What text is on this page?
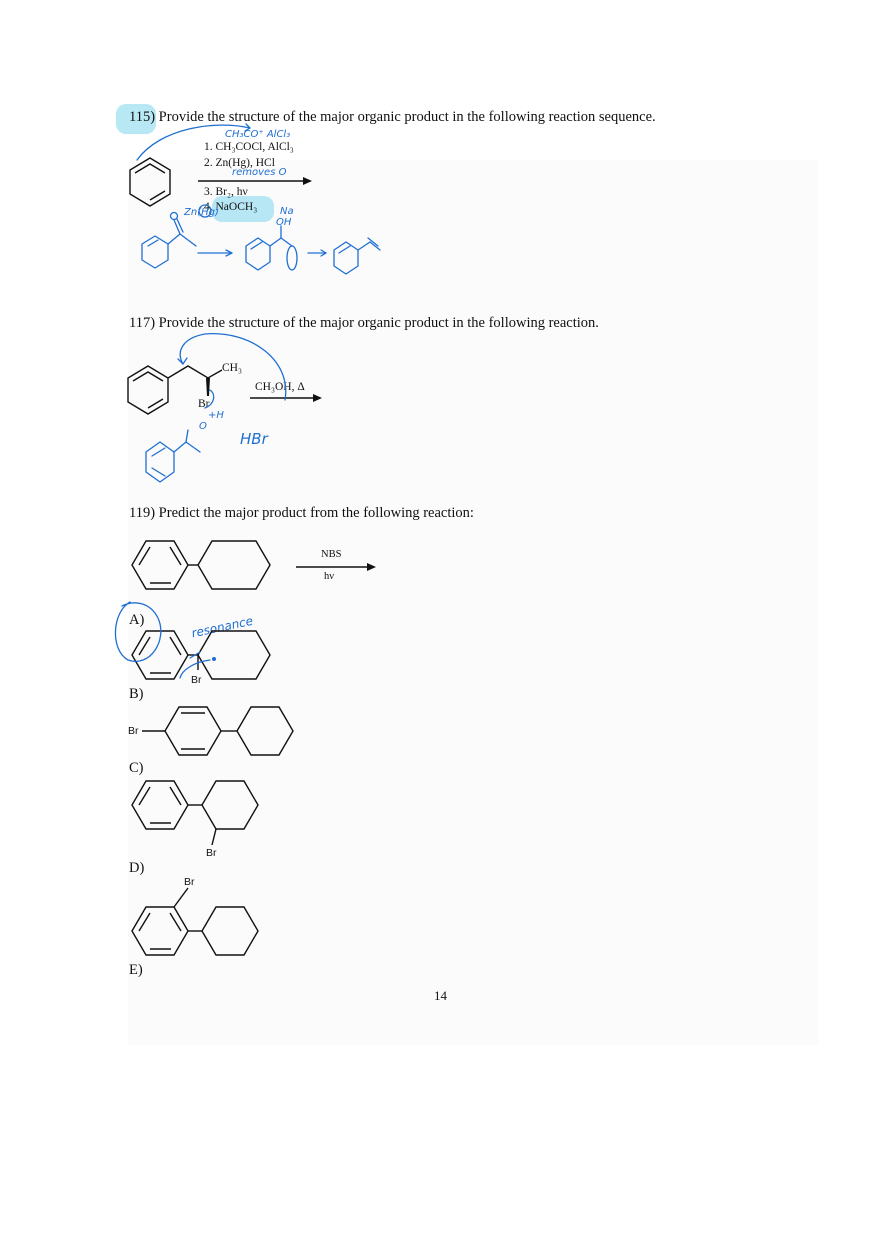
115) Provide the structure of the major organic product in the following reaction sequence.
1. CH₃COCl, AlCl₃
2. Zn(Hg), HCl
3. Br₂, hν
4. NaOCH₃
CH₃CO⁺ AlCl₃
removes O
Zn(Hg)	Na
OH
117) Provide the structure of the major organic product in the following reaction.
CH₃
Br
CH₃OH, Δ
O
+H
HBr
119) Predict the major product from the following reaction:
NBS
hν
resonance
A)
B)
C)
D)
E)
Br
Br
Br
Br
14
